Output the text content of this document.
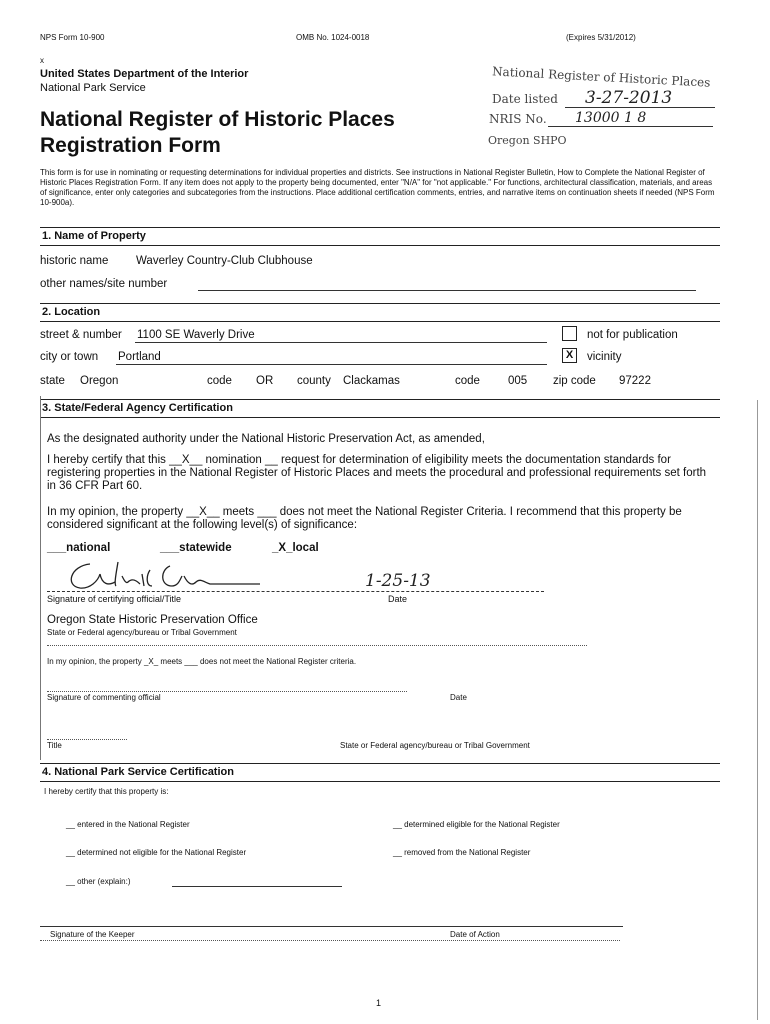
NPS Form 10-900	OMB No. 1024-0018	(Expires 5/31/2012)
x
United States Department of the Interior
National Park Service
National Register of Historic Places
Registration Form
National Register of Historic Places
Date listed 3-27-2013
NRIS No. 13000 1 8
Oregon SHPO
This form is for use in nominating or requesting determinations for individual properties and districts. See instructions in National Register Bulletin, How to Complete the National Register of Historic Places Registration Form. If any item does not apply to the property being documented, enter "N/A" for "not applicable." For functions, architectural classification, materials, and areas of significance, enter only categories and subcategories from the instructions. Place additional certification comments, entries, and narrative items on continuation sheets if needed (NPS Form 10-900a).
1. Name of Property
historic name Waverley Country-Club Clubhouse
other names/site number
2. Location
street & number 1100 SE Waverly Drive	not for publication
city or town Portland	X	vicinity
state Oregon	code OR county Clackamas	code 005 zip code 97222
3. State/Federal Agency Certification
As the designated authority under the National Historic Preservation Act, as amended,
I hereby certify that this __X__ nomination __ request for determination of eligibility meets the documentation standards for registering properties in the National Register of Historic Places and meets the procedural and professional requirements set forth in 36 CFR Part 60.
In my opinion, the property __X__ meets ___ does not meet the National Register Criteria. I recommend that this property be considered significant at the following level(s) of significance:
___national	___statewide	_X_local
1-25-13
Signature of certifying official/Title	Date
Oregon State Historic Preservation Office
State or Federal agency/bureau or Tribal Government
In my opinion, the property _X_ meets ___ does not meet the National Register criteria.
Signature of commenting official	Date
Title	State or Federal agency/bureau or Tribal Government
4. National Park Service Certification
I hereby certify that this property is:
__ entered in the National Register	__ determined eligible for the National Register
__ determined not eligible for the National Register	__ removed from the National Register
__ other (explain:)
Signature of the Keeper	Date of Action
1
